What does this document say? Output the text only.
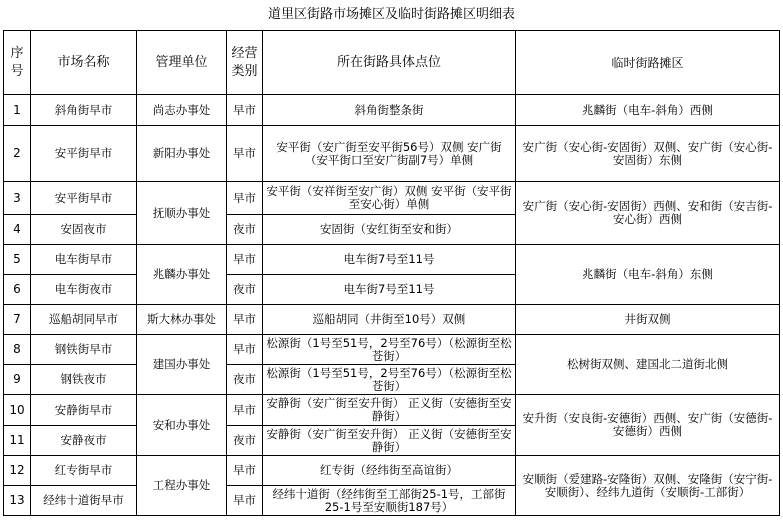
道里区街路市场摊区及临时街路摊区明细表
序号	市场名称	管理单位	经营类别	所在街路具体点位	临时街路摊区
1	斜角街早市	尚志办事处	早市	斜角街整条街	兆麟街（电车-斜角）西侧
2	安平街早市	新阳办事处	早市	安平街（安广街至安平街56号）双侧 安广街（安平街口至安广街副7号）单侧	安广街（安心街-安固街）双侧、安广街（安心街-安固街）东侧
3	安平街早市	抚顺办事处	早市	安平街（安祥街至安广街）双侧 安平街（安平街至安心街）单侧	安广街（安心街-安固街）西侧、安和街（安吉街-安心街）西侧
4	安固夜市		夜市	安固街（安红街至安和街）	
5	电车街早市	兆麟办事处	早市	电车街7号至11号	兆麟街（电车-斜角）东侧
6	电车街夜市		夜市	电车街7号至11号	
7	巡船胡同早市	斯大林办事处	早市	巡船胡同（井街至10号）双侧	井街双侧
8	钢铁街早市	建国办事处	早市	松源街（1号至51号，2号至76号）（松源街至松苍街）	松树街双侧、建国北二道街北侧
9	钢铁夜市		夜市	松源街（1号至51号，2号至76号）（松源街至松苍街）	
10	安静街早市	安和办事处	早市	安静街（安广街至安升街） 正义街（安德街至安静街）	安升街（安良街-安德街）西侧、安广街（安德街-安德街）西侧
11	安静夜市		夜市	安静街（安广街至安升街） 正义街（安德街至安静街）	
12	红专街早市	工程办事处	早市	红专街（经纬街至高谊街）	安顺街（爱建路-安隆街）双侧、安隆街（安宁街-安顺街）、经纬九道街（安顺街-工部街）
13	经纬十道街早市		早市	经纬十道街（经纬街至工部街25-1号，工部街25-1号至安顺街187号）	
